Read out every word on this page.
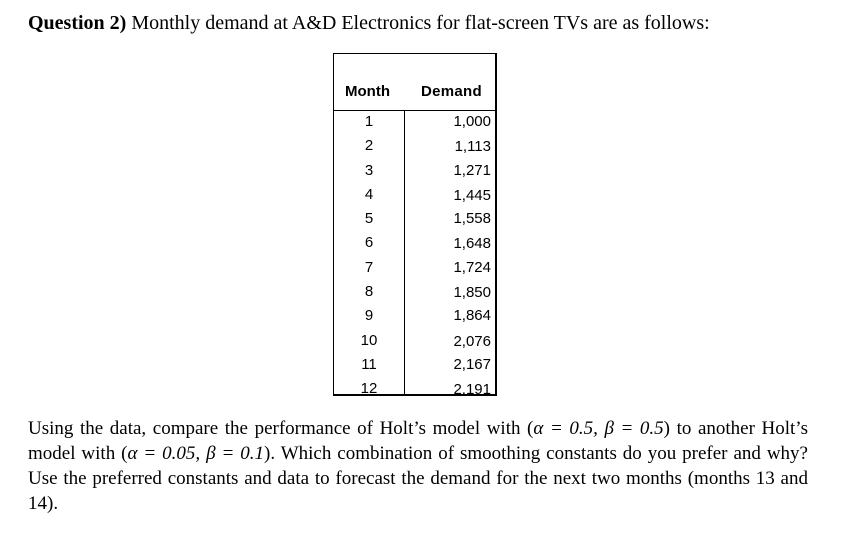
Question 2) Monthly demand at A&D Electronics for flat-screen TVs are as follows:
Month Demand
1	1,000
2	1,113
3	1,271
4	1,445
5	1,558
6	1,648
7	1,724
8	1,850
9	1,864
10	2,076
11	2,167
12	2,191
Using the data, compare the performance of Holt’s model with (α = 0.5, β = 0.5) to another Holt’s model with (α = 0.05, β = 0.1). Which combination of smoothing constants do you prefer and why? Use the preferred constants and data to forecast the demand for the next two months (months 13 and 14).
